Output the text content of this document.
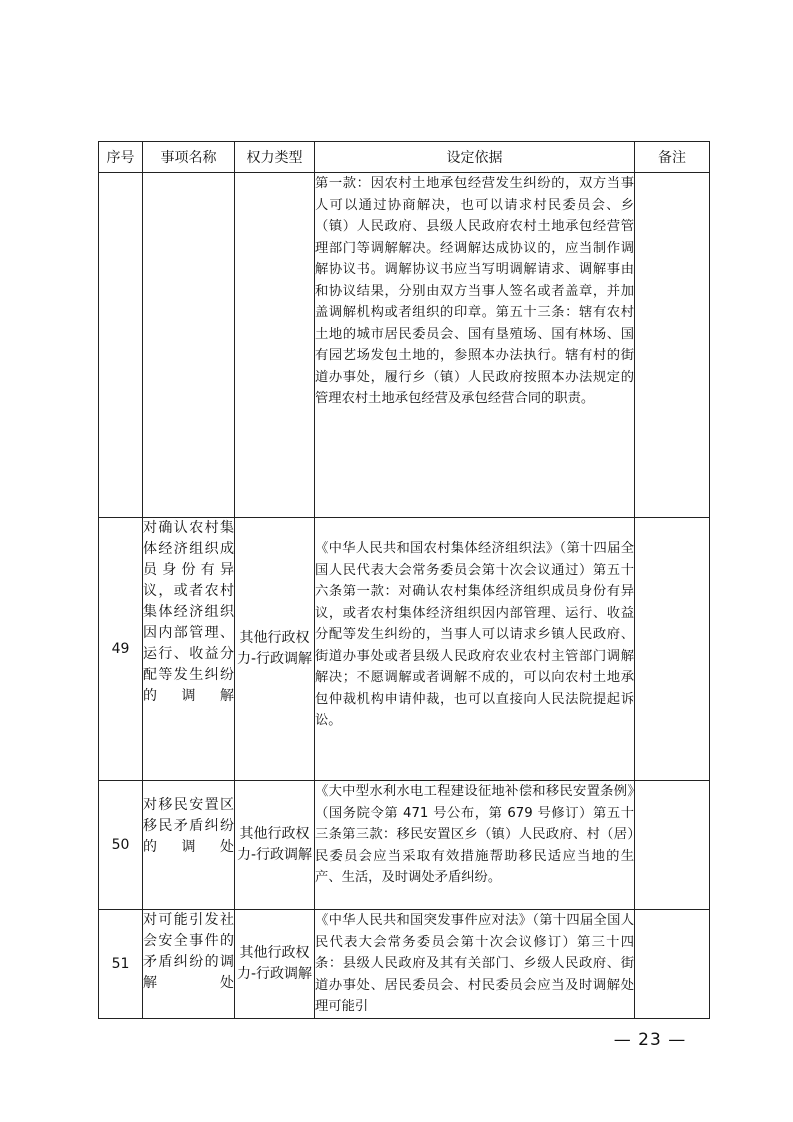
序号	事项名称	权力类型	设定依据	备注
			第一款：因农村土地承包经营发生纠纷的，双方当事人可以通过协商解决，也可以请求村民委员会、乡（镇）人民政府、县级人民政府农村土地承包经营管理部门等调解解决。经调解达成协议的，应当制作调解协议书。调解协议书应当写明调解请求、调解事由和协议结果，分别由双方当事人签名或者盖章，并加盖调解机构或者组织的印章。第五十三条：辖有农村土地的城市居民委员会、国有垦殖场、国有林场、国有园艺场发包土地的，参照本办法执行。辖有村的街道办事处，履行乡（镇）人民政府按照本办法规定的管理农村土地承包经营及承包经营合同的职责。	
49	对确认农村集体经济组织成员身份有异议，或者农村集体经济组织因内部管理、运行、收益分配等发生纠纷的调解	其他行政权力-行政调解	《中华人民共和国农村集体经济组织法》（第十四届全国人民代表大会常务委员会第十次会议通过）第五十六条第一款：对确认农村集体经济组织成员身份有异议，或者农村集体经济组织因内部管理、运行、收益分配等发生纠纷的，当事人可以请求乡镇人民政府、街道办事处或者县级人民政府农业农村主管部门调解解决；不愿调解或者调解不成的，可以向农村土地承包仲裁机构申请仲裁，也可以直接向人民法院提起诉讼。	
50	对移民安置区移民矛盾纠纷的调处	其他行政权力-行政调解	《大中型水利水电工程建设征地补偿和移民安置条例》（国务院令第 471 号公布，第 679 号修订）第五十三条第三款：移民安置区乡（镇）人民政府、村（居）民委员会应当采取有效措施帮助移民适应当地的生产、生活，及时调处矛盾纠纷。	
51	对可能引发社会安全事件的矛盾纠纷的调解处	其他行政权力-行政调解	《中华人民共和国突发事件应对法》（第十四届全国人民代表大会常务委员会第十次会议修订）第三十四条：县级人民政府及其有关部门、乡级人民政府、街道办事处、居民委员会、村民委员会应当及时调解处理可能引	
— 23 —
